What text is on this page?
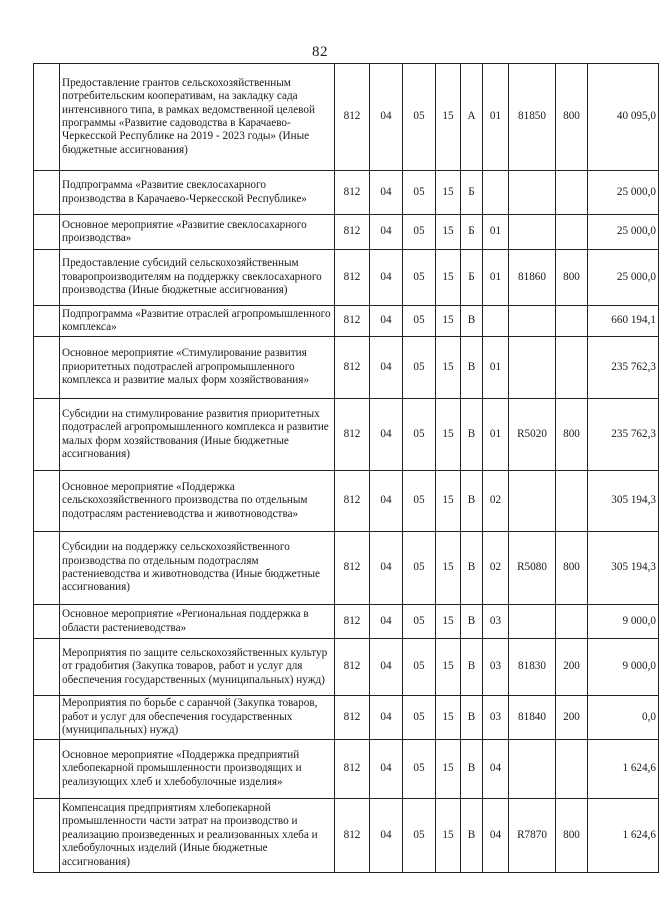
82
	Предоставление грантов сельскохозяйственным потребительским кооперативам, на закладку сада интенсивного типа, в рамках ведомственной целевой программы «Развитие садоводства в Карачаево-Черкесской Республике на 2019 - 2023 годы» (Иные бюджетные ассигнования)	812	04	05	15	А	01	81850	800	40 095,0
	Подпрограмма «Развитие свеклосахарного производства в Карачаево-Черкесской Республике»	812	04	05	15	Б				25 000,0
	Основное мероприятие «Развитие свеклосахарного производства»	812	04	05	15	Б	01			25 000,0
	Предоставление субсидий сельскохозяйственным товаропроизводителям на поддержку свеклосахарного производства (Иные бюджетные ассигнования)	812	04	05	15	Б	01	81860	800	25 000,0
	Подпрограмма «Развитие отраслей агропромышленного комплекса»	812	04	05	15	В				660 194,1
	Основное мероприятие «Стимулирование развития приоритетных подотраслей агропромышленного комплекса и развитие малых форм хозяйствования»	812	04	05	15	В	01			235 762,3
	Субсидии на стимулирование развития приоритетных подотраслей агропромышленного комплекса и развитие малых форм хозяйствования (Иные бюджетные ассигнования)	812	04	05	15	В	01	R5020	800	235 762,3
	Основное мероприятие «Поддержка сельскохозяйственного производства по отдельным подотраслям растениеводства и животноводства»	812	04	05	15	В	02			305 194,3
	Субсидии на поддержку сельскохозяйственного производства по отдельным подотраслям растениеводства и животноводства (Иные бюджетные ассигнования)	812	04	05	15	В	02	R5080	800	305 194,3
	Основное мероприятие «Региональная поддержка в области растениеводства»	812	04	05	15	В	03			9 000,0
	Мероприятия по защите сельскохозяйственных культур от градобития (Закупка товаров, работ и услуг для обеспечения государственных (муниципальных) нужд)	812	04	05	15	В	03	81830	200	9 000,0
	Мероприятия по борьбе с саранчой (Закупка товаров, работ и услуг для обеспечения государственных (муниципальных) нужд)	812	04	05	15	В	03	81840	200	0,0
	Основное мероприятие «Поддержка предприятий хлебопекарной промышленности производящих и реализующих хлеб и хлебобулочные изделия»	812	04	05	15	В	04			1 624,6
	Компенсация предприятиям хлебопекарной промышленности части затрат на производство и реализацию произведенных и реализованных хлеба и хлебобулочных изделий (Иные бюджетные ассигнования)	812	04	05	15	В	04	R7870	800	1 624,6
